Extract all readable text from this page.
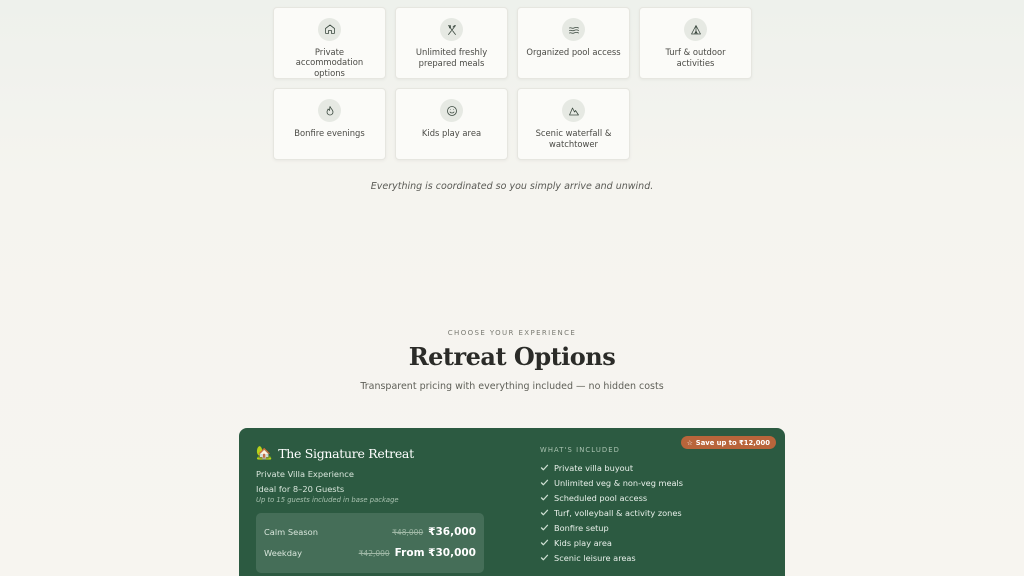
Private accommodation options
Unlimited freshly prepared meals
Organized pool access	Turf & outdoor activities
Bonfire evenings	Kids play area	Scenic waterfall & watchtower
Everything is coordinated so you simply arrive and unwind.
CHOOSE YOUR EXPERIENCE
Retreat Options
Transparent pricing with everything included — no hidden costs
🏡 The Signature Retreat
Private Villa Experience
Ideal for 8–20 Guests
Up to 15 guests included in base package
Calm Season	₹48,000 ₹36,000
Weekday	₹42,000 From ₹30,000
☆ Save up to ₹12,000
WHAT'S INCLUDED
Private villa buyout
Unlimited veg & non-veg meals
Scheduled pool access
Turf, volleyball & activity zones
Bonfire setup
Kids play area
Scenic leisure areas
